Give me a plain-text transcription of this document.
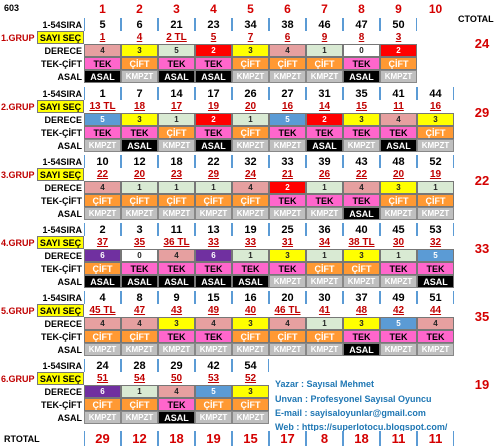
603	1	2	3	4	5	6	7	8	9	10
CTOTAL
1-54SIRA	5	6	21	23	34	38	46	47	50
1.GRUP SAYI SEÇ	1	4	2 TL	5	7	6	9	8	3
DERECE	4	3	5	2	3	4	1	0	2
TEK-ÇİFT	TEK	ÇİFT	TEK	TEK	ÇİFT	ÇİFT	ÇİFT	TEK	ÇİFT
ASAL ASAL	KMPZT	ASAL	ASAL	KMPZT	KMPZT	KMPZT	ASAL	KMPZT
24
1-54SIRA	1	7	14	17	26	27	31	35	41	44
2.GRUP SAYI SEÇ 13 TL	18	17	19	20	16	14	15	11	16
DERECE	5	3	1	2	1	5	2	3	4	3
TEK-ÇİFT	TEK	TEK	ÇİFT	TEK	ÇİFT	TEK	TEK	TEK	TEK	ÇİFT
ASAL KMPZT	ASAL	KMPZT	ASAL	KMPZT	KMPZT	ASAL	KMPZT	ASAL	KMPZT
29
1-54SIRA	10	12	18	22	32	33	39	43	48	52
3.GRUP SAYI SEÇ	22	20	23	29	24	21	26	22	20	19
DERECE	4	1	1	1	4	2	1	4	3	1
TEK-ÇİFT	ÇİFT	ÇİFT	ÇİFT	ÇİFT	ÇİFT	TEK	TEK	TEK	ÇİFT	ÇİFT
ASAL KMPZT	KMPZT	KMPZT	KMPZT	KMPZT	KMPZT	KMPZT	ASAL	KMPZT	KMPZT
22
1-54SIRA	2	3	11	13	19	25	36	40	45	53
4.GRUP SAYI SEÇ	37	35	36 TL	33	33	31	34	38 TL	30	32
DERECE	6	0	4	6	1	3	1	3	1	5
TEK-ÇİFT	ÇİFT	TEK	TEK	TEK	TEK	TEK	ÇİFT	ÇİFT	TEK	TEK
ASAL ASAL	ASAL	ASAL	ASAL	ASAL	KMPZT	KMPZT	KMPZT	KMPZT	ASAL
33
1-54SIRA	4	8	9	15	16	20	30	37	49	51
5.GRUP SAYI SEÇ 45 TL	47	43	49	40	46 TL	41	48	42	44
DERECE	4	4	3	4	3	4	1	3	5	4
TEK-ÇİFT	ÇİFT	ÇİFT	TEK	TEK	ÇİFT	ÇİFT	ÇİFT	TEK	TEK	TEK
ASAL KMPZT	KMPZT	KMPZT	KMPZT	KMPZT	KMPZT	KMPZT	ASAL	KMPZT	KMPZT
35
1-54SIRA	24	28	29	42	54
6.GRUP SAYI SEÇ	51	54	50	53	52
DERECE	6	1	4	5	3
TEK-ÇİFT	ÇİFT	ÇİFT	TEK	ÇİFT	ÇİFT
ASAL KMPZT	KMPZT	ASAL	KMPZT	KMPZT
19
Yazar : Sayısal Mehmet
Unvan : Profesyonel Sayısal Oyuncu
E-mail : sayisaloyunlar@gmail.com
Web : https://superlotocu.blogspot.com/
RTOTAL	29	12	18	19	15	17	8	18	11	11
